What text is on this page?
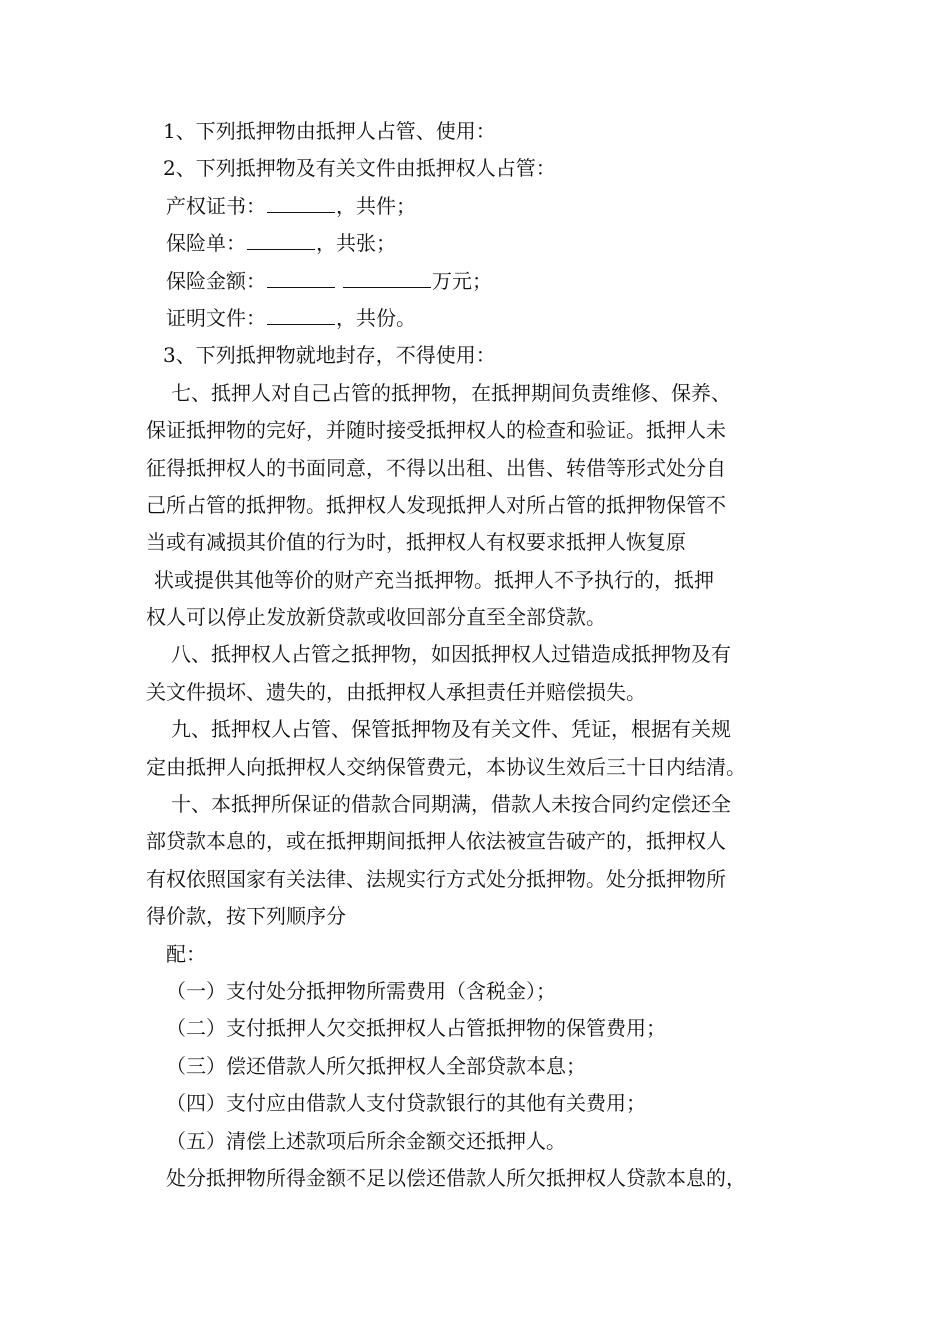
1、下列抵押物由抵押人占管、使用：
2、下列抵押物及有关文件由抵押权人占管：
产权证书：	，共件；
保险单：	，共张；
保险金额：	万元；
证明文件：	，共份。
3、下列抵押物就地封存，不得使用：
七、抵押人对自己占管的抵押物，在抵押期间负责维修、保养、
保证抵押物的完好，并随时接受抵押权人的检查和验证。抵押人未
征得抵押权人的书面同意，不得以出租、出售、转借等形式处分自
己所占管的抵押物。抵押权人发现抵押人对所占管的抵押物保管不
当或有减损其价值的行为时，抵押权人有权要求抵押人恢复原
状或提供其他等价的财产充当抵押物。抵押人不予执行的，抵押
权人可以停止发放新贷款或收回部分直至全部贷款。
八、抵押权人占管之抵押物，如因抵押权人过错造成抵押物及有
关文件损坏、遗失的，由抵押权人承担责任并赔偿损失。
九、抵押权人占管、保管抵押物及有关文件、凭证，根据有关规
定由抵押人向抵押权人交纳保管费元，本协议生效后三十日内结清。
十、本抵押所保证的借款合同期满，借款人未按合同约定偿还全
部贷款本息的，或在抵押期间抵押人依法被宣告破产的，抵押权人
有权依照国家有关法律、法规实行方式处分抵押物。处分抵押物所
得价款，按下列顺序分
配：
（一）支付处分抵押物所需费用（含税金）；
（二）支付抵押人欠交抵押权人占管抵押物的保管费用；
（三）偿还借款人所欠抵押权人全部贷款本息；
（四）支付应由借款人支付贷款银行的其他有关费用；
（五）清偿上述款项后所余金额交还抵押人。
处分抵押物所得金额不足以偿还借款人所欠抵押权人贷款本息的，
